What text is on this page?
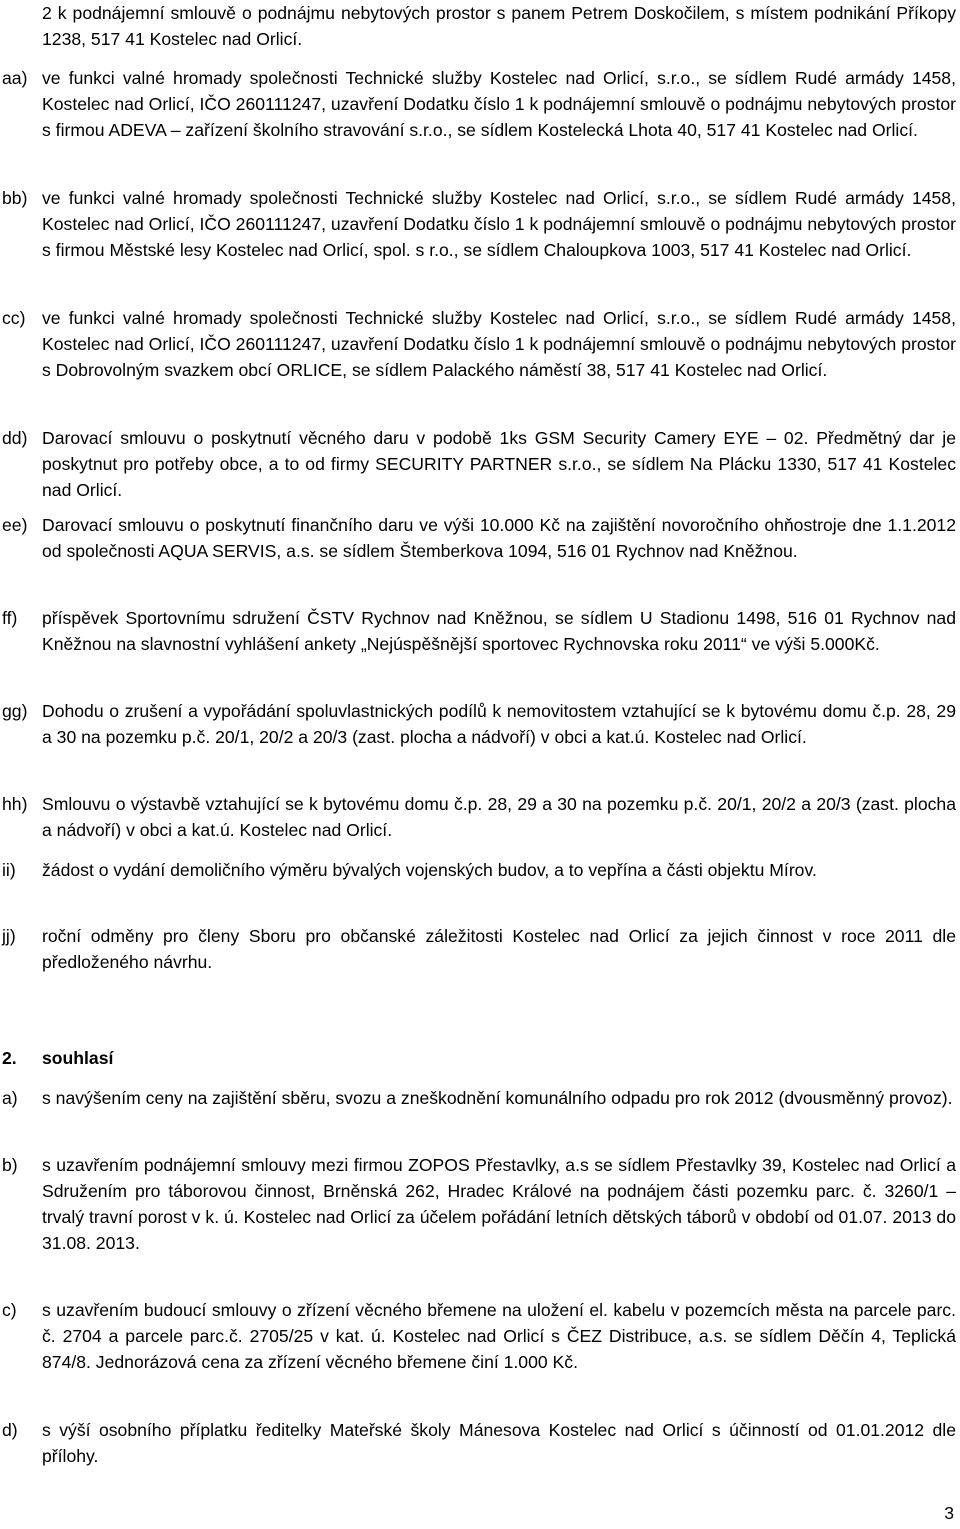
2 k podnájemní smlouvě o podnájmu nebytových prostor s panem Petrem Doskočilem, s místem podnikání Příkopy 1238, 517 41 Kostelec nad Orlicí.
aa) ve funkci valné hromady společnosti Technické služby Kostelec nad Orlicí, s.r.o., se sídlem Rudé armády 1458, Kostelec nad Orlicí, IČO 260111247, uzavření Dodatku číslo 1 k podnájemní smlouvě o podnájmu nebytových prostor s firmou ADEVA – zařízení školního stravování s.r.o., se sídlem Kostelecká Lhota 40, 517 41 Kostelec nad Orlicí.
bb) ve funkci valné hromady společnosti Technické služby Kostelec nad Orlicí, s.r.o., se sídlem Rudé armády 1458, Kostelec nad Orlicí, IČO 260111247, uzavření Dodatku číslo 1 k podnájemní smlouvě o podnájmu nebytových prostor s firmou Městské lesy Kostelec nad Orlicí, spol. s r.o., se sídlem Chaloupkova 1003, 517 41 Kostelec nad Orlicí.
cc) ve funkci valné hromady společnosti Technické služby Kostelec nad Orlicí, s.r.o., se sídlem Rudé armády 1458, Kostelec nad Orlicí, IČO 260111247, uzavření Dodatku číslo 1 k podnájemní smlouvě o podnájmu nebytových prostor s Dobrovolným svazkem obcí ORLICE, se sídlem Palackého náměstí 38, 517 41 Kostelec nad Orlicí.
dd) Darovací smlouvu o poskytnutí věcného daru v podobě 1ks GSM Security Camery EYE – 02. Předmětný dar je poskytnut pro potřeby obce, a to od firmy SECURITY PARTNER s.r.o., se sídlem Na Plácku 1330, 517 41 Kostelec nad Orlicí.
ee) Darovací smlouvu o poskytnutí finančního daru ve výši 10.000 Kč na zajištění novoročního ohňostroje dne 1.1.2012 od společnosti AQUA SERVIS, a.s. se sídlem Štemberkova 1094, 516 01 Rychnov nad Kněžnou.
ff) příspěvek Sportovnímu sdružení ČSTV Rychnov nad Kněžnou, se sídlem U Stadionu 1498, 516 01 Rychnov nad Kněžnou na slavnostní vyhlášení ankety „Nejúspěšnější sportovec Rychnovska roku 2011“ ve výši 5.000Kč.
gg) Dohodu o zrušení a vypořádání spoluvlastnických podílů k nemovitostem vztahující se k bytovému domu č.p. 28, 29 a 30 na pozemku p.č. 20/1, 20/2 a 20/3 (zast. plocha a nádvoří) v obci a kat.ú. Kostelec nad Orlicí.
hh) Smlouvu o výstavbě vztahující se k bytovému domu č.p. 28, 29 a 30 na pozemku p.č. 20/1, 20/2 a 20/3 (zast. plocha a nádvoří) v obci a kat.ú. Kostelec nad Orlicí.
ii) žádost o vydání demoličního výměru bývalých vojenských budov, a to vepřína a části objektu Mírov.
jj) roční odměny pro členy Sboru pro občanské záležitosti Kostelec nad Orlicí za jejich činnost v roce 2011 dle předloženého návrhu.
2. souhlasí
a) s navýšením ceny na zajištění sběru, svozu a zneškodnění komunálního odpadu pro rok 2012 (dvousměnný provoz).
b) s uzavřením podnájemní smlouvy mezi firmou ZOPOS Přestavlky, a.s se sídlem Přestavlky 39, Kostelec nad Orlicí a Sdružením pro táborovou činnost, Brněnská 262, Hradec Králové na podnájem části pozemku parc. č. 3260/1 – trvalý travní porost v k. ú. Kostelec nad Orlicí za účelem pořádání letních dětských táborů v období od 01.07. 2013 do 31.08. 2013.
c) s uzavřením budoucí smlouvy o zřízení věcného břemene na uložení el. kabelu v pozemcích města na parcele parc. č. 2704 a parcele parc.č. 2705/25 v kat. ú. Kostelec nad Orlicí s ČEZ Distribuce, a.s. se sídlem Děčín 4, Teplická 874/8. Jednorázová cena za zřízení věcného břemene činí 1.000 Kč.
d) s výší osobního příplatku ředitelky Mateřské školy Mánesova Kostelec nad Orlicí s účinností od 01.01.2012 dle přílohy.
3
